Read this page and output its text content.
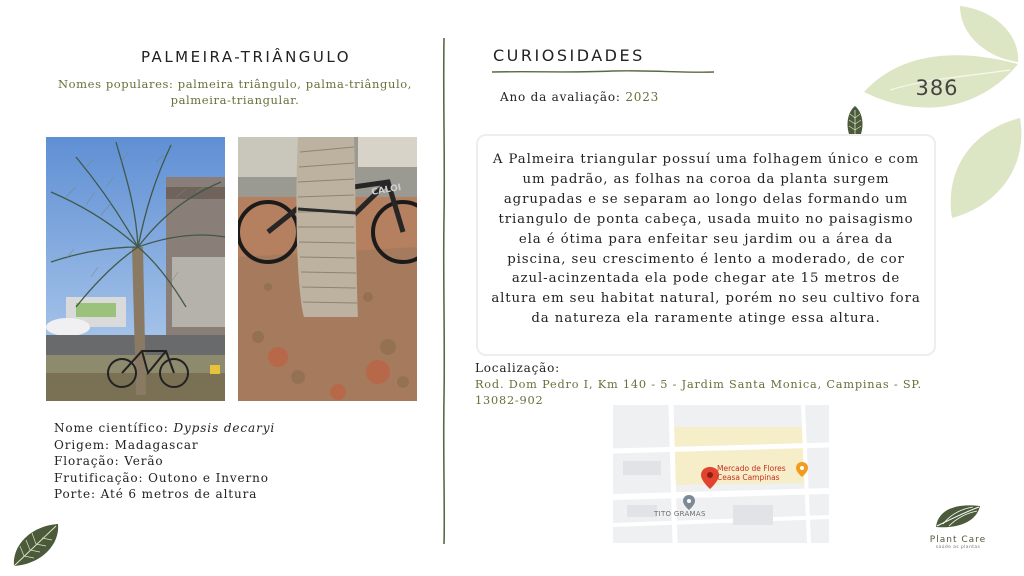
PALMEIRA-TRIÂNGULO
Nomes populares: palmeira triângulo, palma-triângulo, palmeira-triangular.
CALOI
Nome científico: Dypsis decaryi
Origem: Madagascar
Floração: Verão
Frutificação: Outono e Inverno
Porte: Até 6 metros de altura
CURIOSIDADES
Ano da avaliação: 2023	386
A Palmeira triangular possuí uma folhagem único e com um padrão, as folhas na coroa da planta surgem agrupadas e se separam ao longo delas formando um triangulo de ponta cabeça, usada muito no paisagismo ela é ótima para enfeitar seu jardim ou a área da piscina, seu crescimento é lento a moderado, de cor azul-acinzentada ela pode chegar ate 15 metros de altura em seu habitat natural, porém no seu cultivo fora da natureza ela raramente atinge essa altura.
Localização:
Rod. Dom Pedro I, Km 140 - 5 - Jardim Santa Monica, Campinas - SP. 13082-902
Mercado de Flores
Ceasa Campinas
TITO GRAMAS
Plant Care
saúde as plantas
